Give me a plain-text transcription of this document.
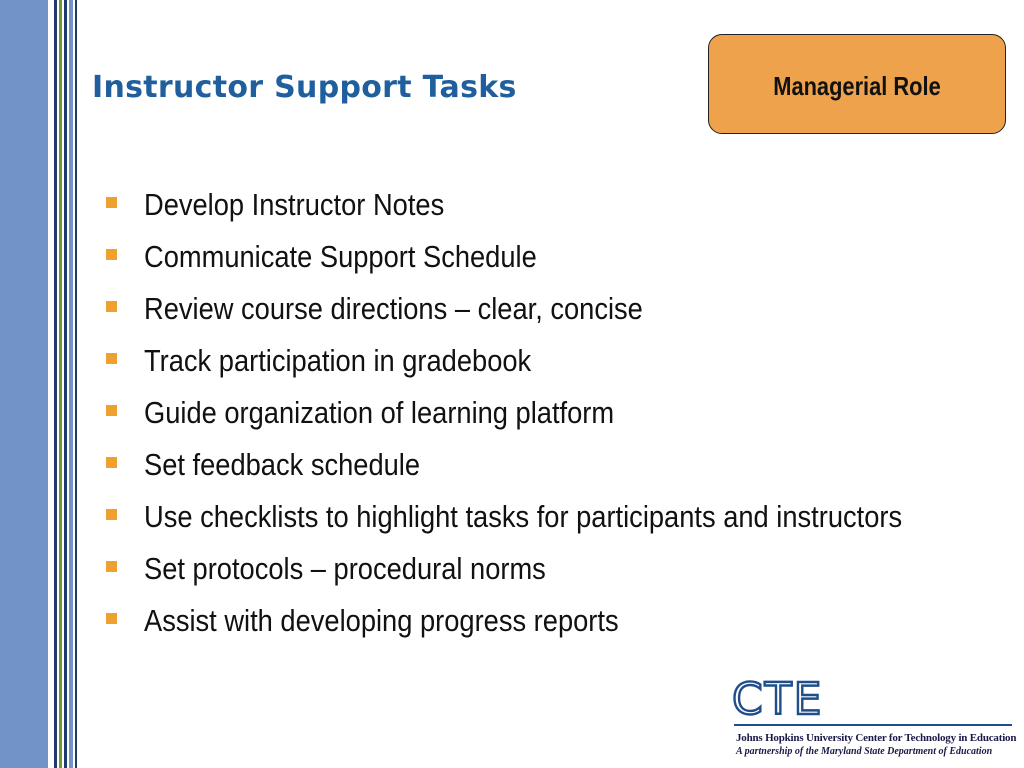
Instructor Support Tasks	Managerial Role
Develop Instructor Notes
Communicate Support Schedule
Review course directions – clear, concise
Track participation in gradebook
Guide organization of learning platform
Set feedback schedule
Use checklists to highlight tasks for participants and instructors
Set protocols – procedural norms
Assist with developing progress reports
CTE
Johns Hopkins University Center for Technology in Education
A partnership of the Maryland State Department of Education
